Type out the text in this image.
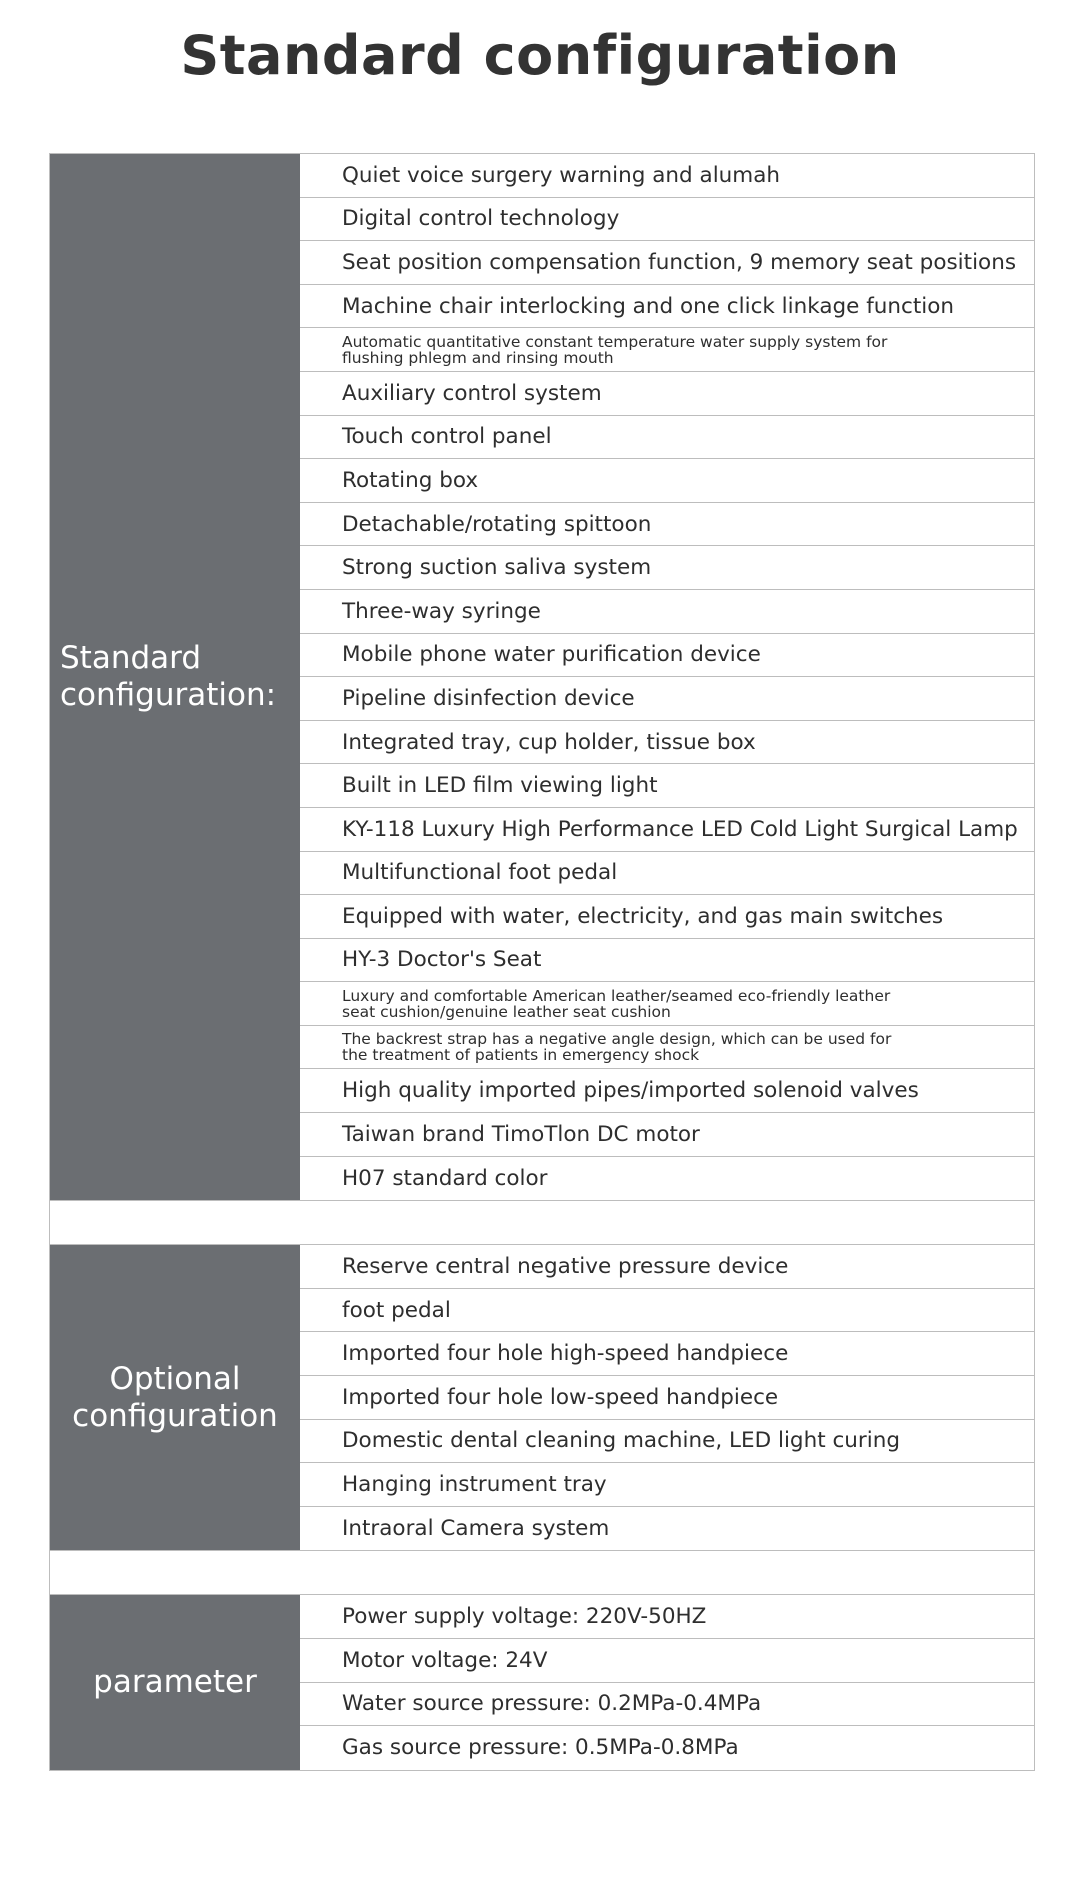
Standard configuration
Standard configuration:
Quiet voice surgery warning and alumah
Digital control technology
Seat position compensation function, 9 memory seat positions
Machine chair interlocking and one click linkage function
Automatic quantitative constant temperature water supply system for flushing phlegm and rinsing mouth
Auxiliary control system
Touch control panel
Rotating box
Detachable/rotating spittoon
Strong suction saliva system
Three-way syringe
Mobile phone water purification device
Pipeline disinfection device
Integrated tray, cup holder, tissue box
Built in LED film viewing light
KY-118 Luxury High Performance LED Cold Light Surgical Lamp
Multifunctional foot pedal
Equipped with water, electricity, and gas main switches
HY-3 Doctor's Seat
Luxury and comfortable American leather/seamed eco-friendly leather seat cushion/genuine leather seat cushion
The backrest strap has a negative angle design, which can be used for the treatment of patients in emergency shock
High quality imported pipes/imported solenoid valves
Taiwan brand TimoTlon DC motor
H07 standard color
Optional configuration
Reserve central negative pressure device
foot pedal
Imported four hole high-speed handpiece
Imported four hole low-speed handpiece
Domestic dental cleaning machine, LED light curing
Hanging instrument tray
Intraoral Camera system
parameter
Power supply voltage: 220V-50HZ
Motor voltage: 24V
Water source pressure: 0.2MPa-0.4MPa
Gas source pressure: 0.5MPa-0.8MPa
